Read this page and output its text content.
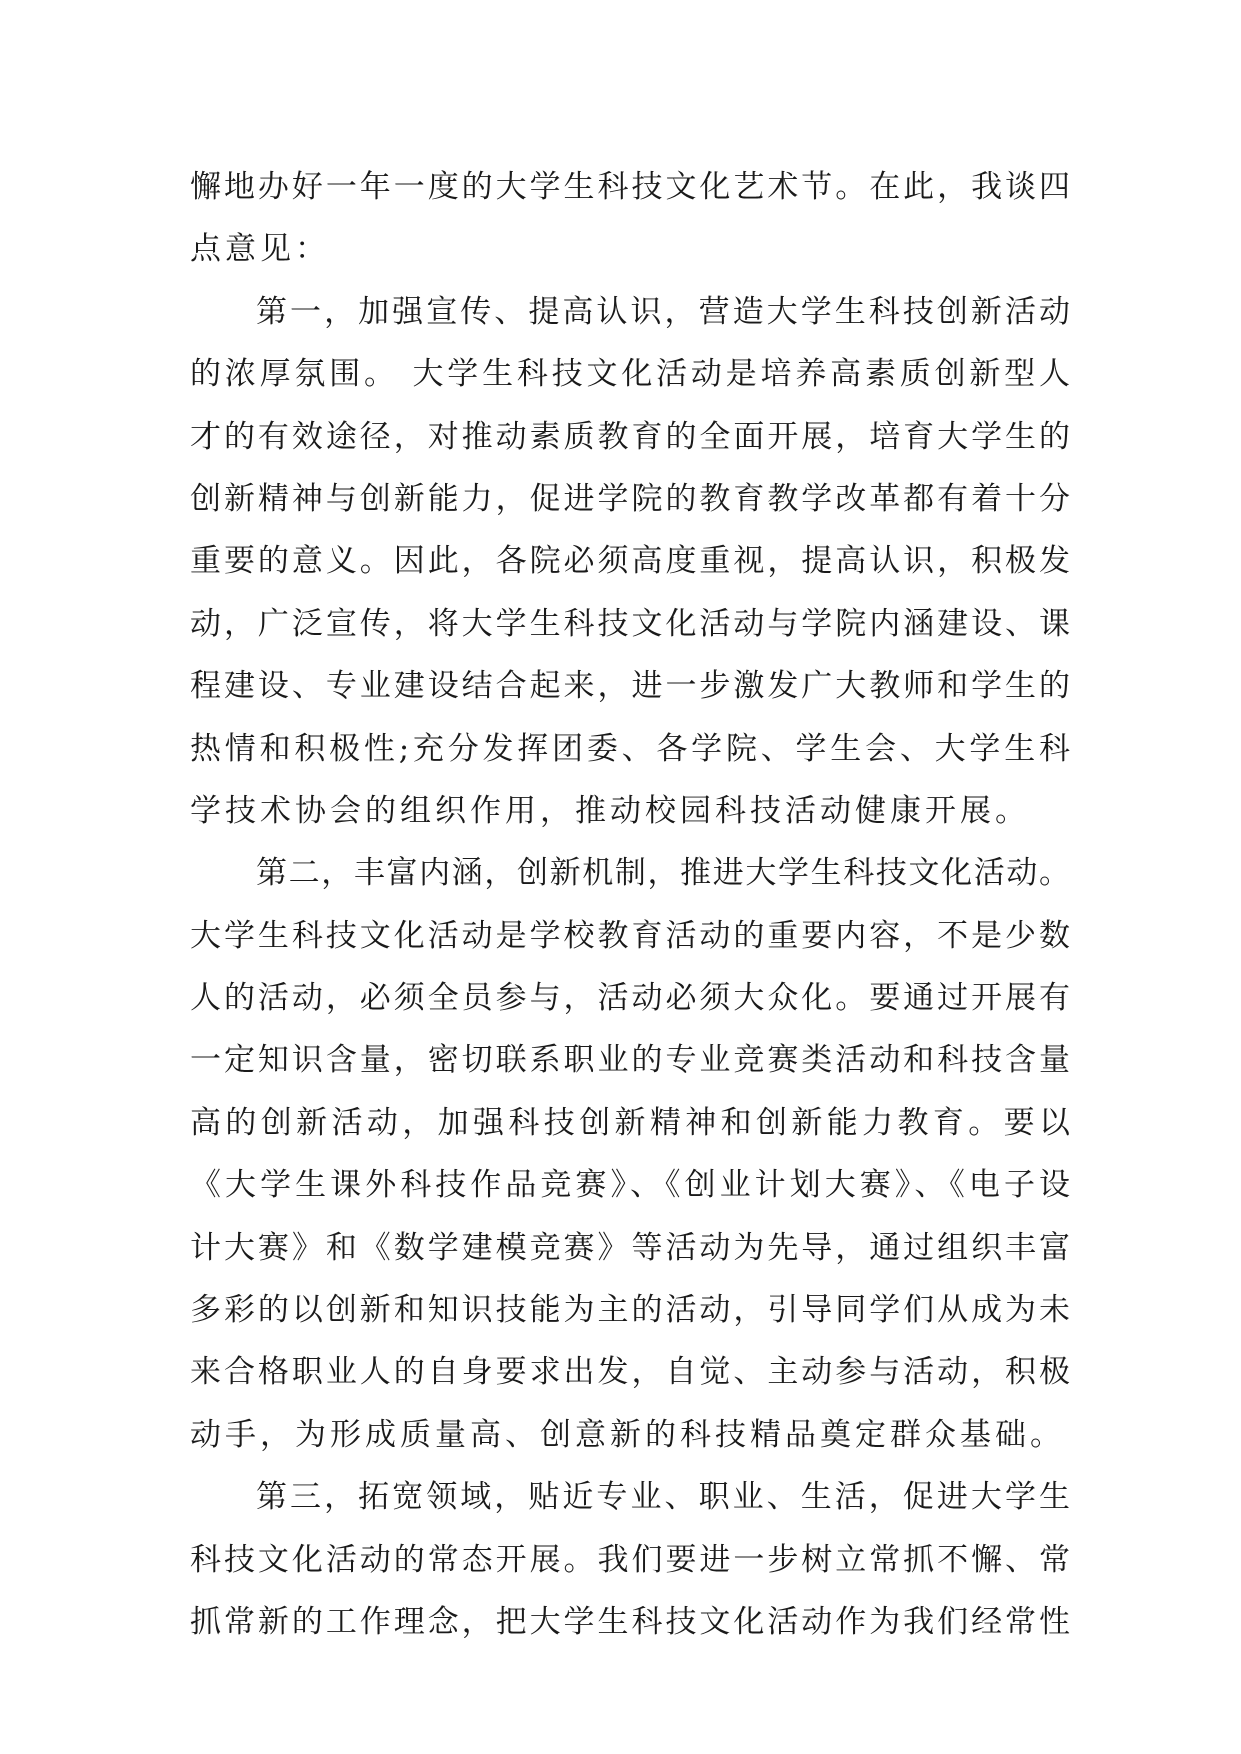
懈地办好一年一度的大学生科技文化艺术节。在此，我谈四
点意见：
第一，加强宣传、提高认识，营造大学生科技创新活动
的浓厚氛围。 大学生科技文化活动是培养高素质创新型人
才的有效途径，对推动素质教育的全面开展，培育大学生的
创新精神与创新能力，促进学院的教育教学改革都有着十分
重要的意义。因此，各院必须高度重视，提高认识，积极发
动，广泛宣传，将大学生科技文化活动与学院内涵建设、课
程建设、专业建设结合起来，进一步激发广大教师和学生的
热情和积极性;充分发挥团委、各学院、学生会、大学生科
学技术协会的组织作用，推动校园科技活动健康开展。
第二，丰富内涵，创新机制，推进大学生科技文化活动。
大学生科技文化活动是学校教育活动的重要内容，不是少数
人的活动，必须全员参与，活动必须大众化。要通过开展有
一定知识含量，密切联系职业的专业竞赛类活动和科技含量
高的创新活动，加强科技创新精神和创新能力教育。要以
《大学生课外科技作品竞赛》、《创业计划大赛》、《电子设
计大赛》和《数学建模竞赛》等活动为先导，通过组织丰富
多彩的以创新和知识技能为主的活动，引导同学们从成为未
来合格职业人的自身要求出发，自觉、主动参与活动，积极
动手，为形成质量高、创意新的科技精品奠定群众基础。
第三，拓宽领域，贴近专业、职业、生活，促进大学生
科技文化活动的常态开展。我们要进一步树立常抓不懈、常
抓常新的工作理念，把大学生科技文化活动作为我们经常性
